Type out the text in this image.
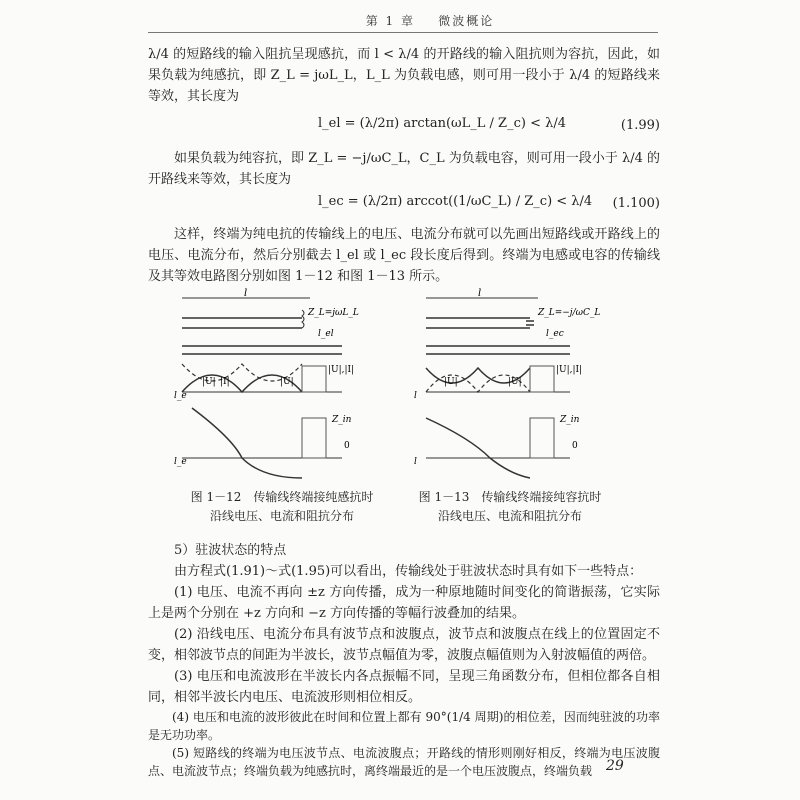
第 1 章 微波概论
λ/4 的短路线的输入阻抗呈现感抗，而 l < λ/4 的开路线的输入阻抗则为容抗，因此，如果负载为纯感抗，即 Z_L = jωL_L，L_L 为负载电感，则可用一段小于 λ/4 的短路线来等效，其长度为
l_el = (λ/2π) arctan(ωL_L / Z_c) < λ/4	(1.99)
如果负载为纯容抗，即 Z_L = −j/ωC_L，C_L 为负载电容，则可用一段小于 λ/4 的开路线来等效，其长度为
l_ec = (λ/2π) arccot((1/ωC_L) / Z_c) < λ/4 (1.100)
这样，终端为纯电抗的传输线上的电压、电流分布就可以先画出短路线或开路线上的电压、电流分布，然后分别截去 l_el 或 l_ec 段长度后得到。终端为电感或电容的传输线及其等效电路图分别如图 1－12 和图 1－13 所示。
l
Z_L=jωL_L
l_el
|U| |I|	|U|
|U|,|I|
l_e
Z_in
0
l_e
图 1－12　传输线终端接纯感抗时
沿线电压、电流和阻抗分布
l
Z_L=−j/ωC_L
l_ec
|U|	|U|
|U|,|I|
l
Z_in
0
l
图 1－13　传输线终端接纯容抗时
沿线电压、电流和阻抗分布
5）驻波状态的特点
由方程式(1.91)～式(1.95)可以看出，传输线处于驻波状态时具有如下一些特点：
(1) 电压、电流不再向 ±z 方向传播，成为一种原地随时间变化的简谐振荡，它实际上是两个分别在 +z 方向和 −z 方向传播的等幅行波叠加的结果。
(2) 沿线电压、电流分布具有波节点和波腹点，波节点和波腹点在线上的位置固定不变，相邻波节点的间距为半波长，波节点幅值为零，波腹点幅值则为入射波幅值的两倍。
(3) 电压和电流波形在半波长内各点振幅不同，呈现三角函数分布，但相位都各自相同，相邻半波长内电压、电流波形则相位相反。
(4) 电压和电流的波形彼此在时间和位置上都有 90°(1/4 周期)的相位差，因而纯驻波的功率是无功功率。
(5) 短路线的终端为电压波节点、电流波腹点；开路线的情形则刚好相反，终端为电压波腹点、电流波节点；终端负载为纯感抗时，离终端最近的是一个电压波腹点，终端负载 29
